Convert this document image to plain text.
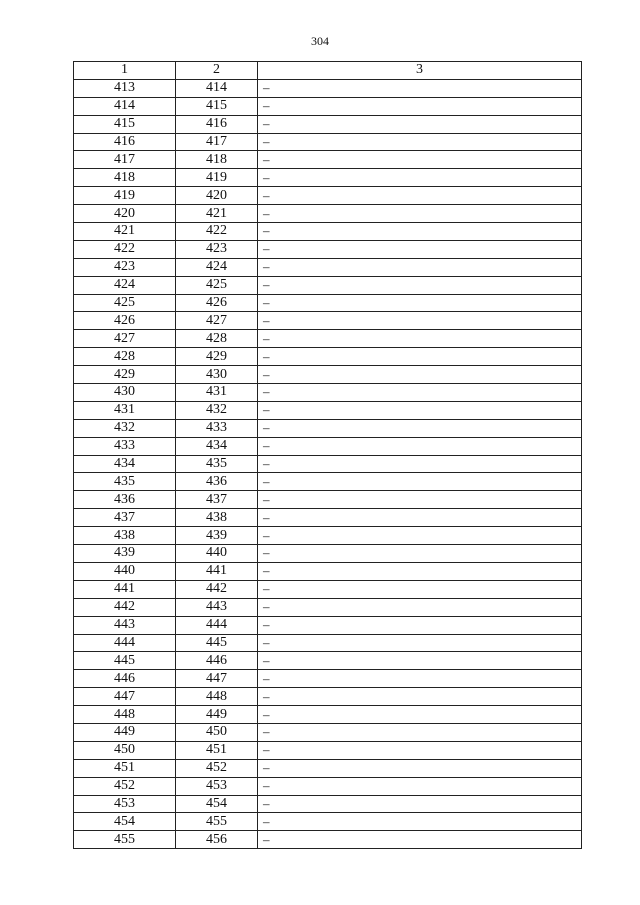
304
1	2	3
413	414	–
414	415	–
415	416	–
416	417	–
417	418	–
418	419	–
419	420	–
420	421	–
421	422	–
422	423	–
423	424	–
424	425	–
425	426	–
426	427	–
427	428	–
428	429	–
429	430	–
430	431	–
431	432	–
432	433	–
433	434	–
434	435	–
435	436	–
436	437	–
437	438	–
438	439	–
439	440	–
440	441	–
441	442	–
442	443	–
443	444	–
444	445	–
445	446	–
446	447	–
447	448	–
448	449	–
449	450	–
450	451	–
451	452	–
452	453	–
453	454	–
454	455	–
455	456	–
. . . . . . . . . . . . . . . . . . . .
